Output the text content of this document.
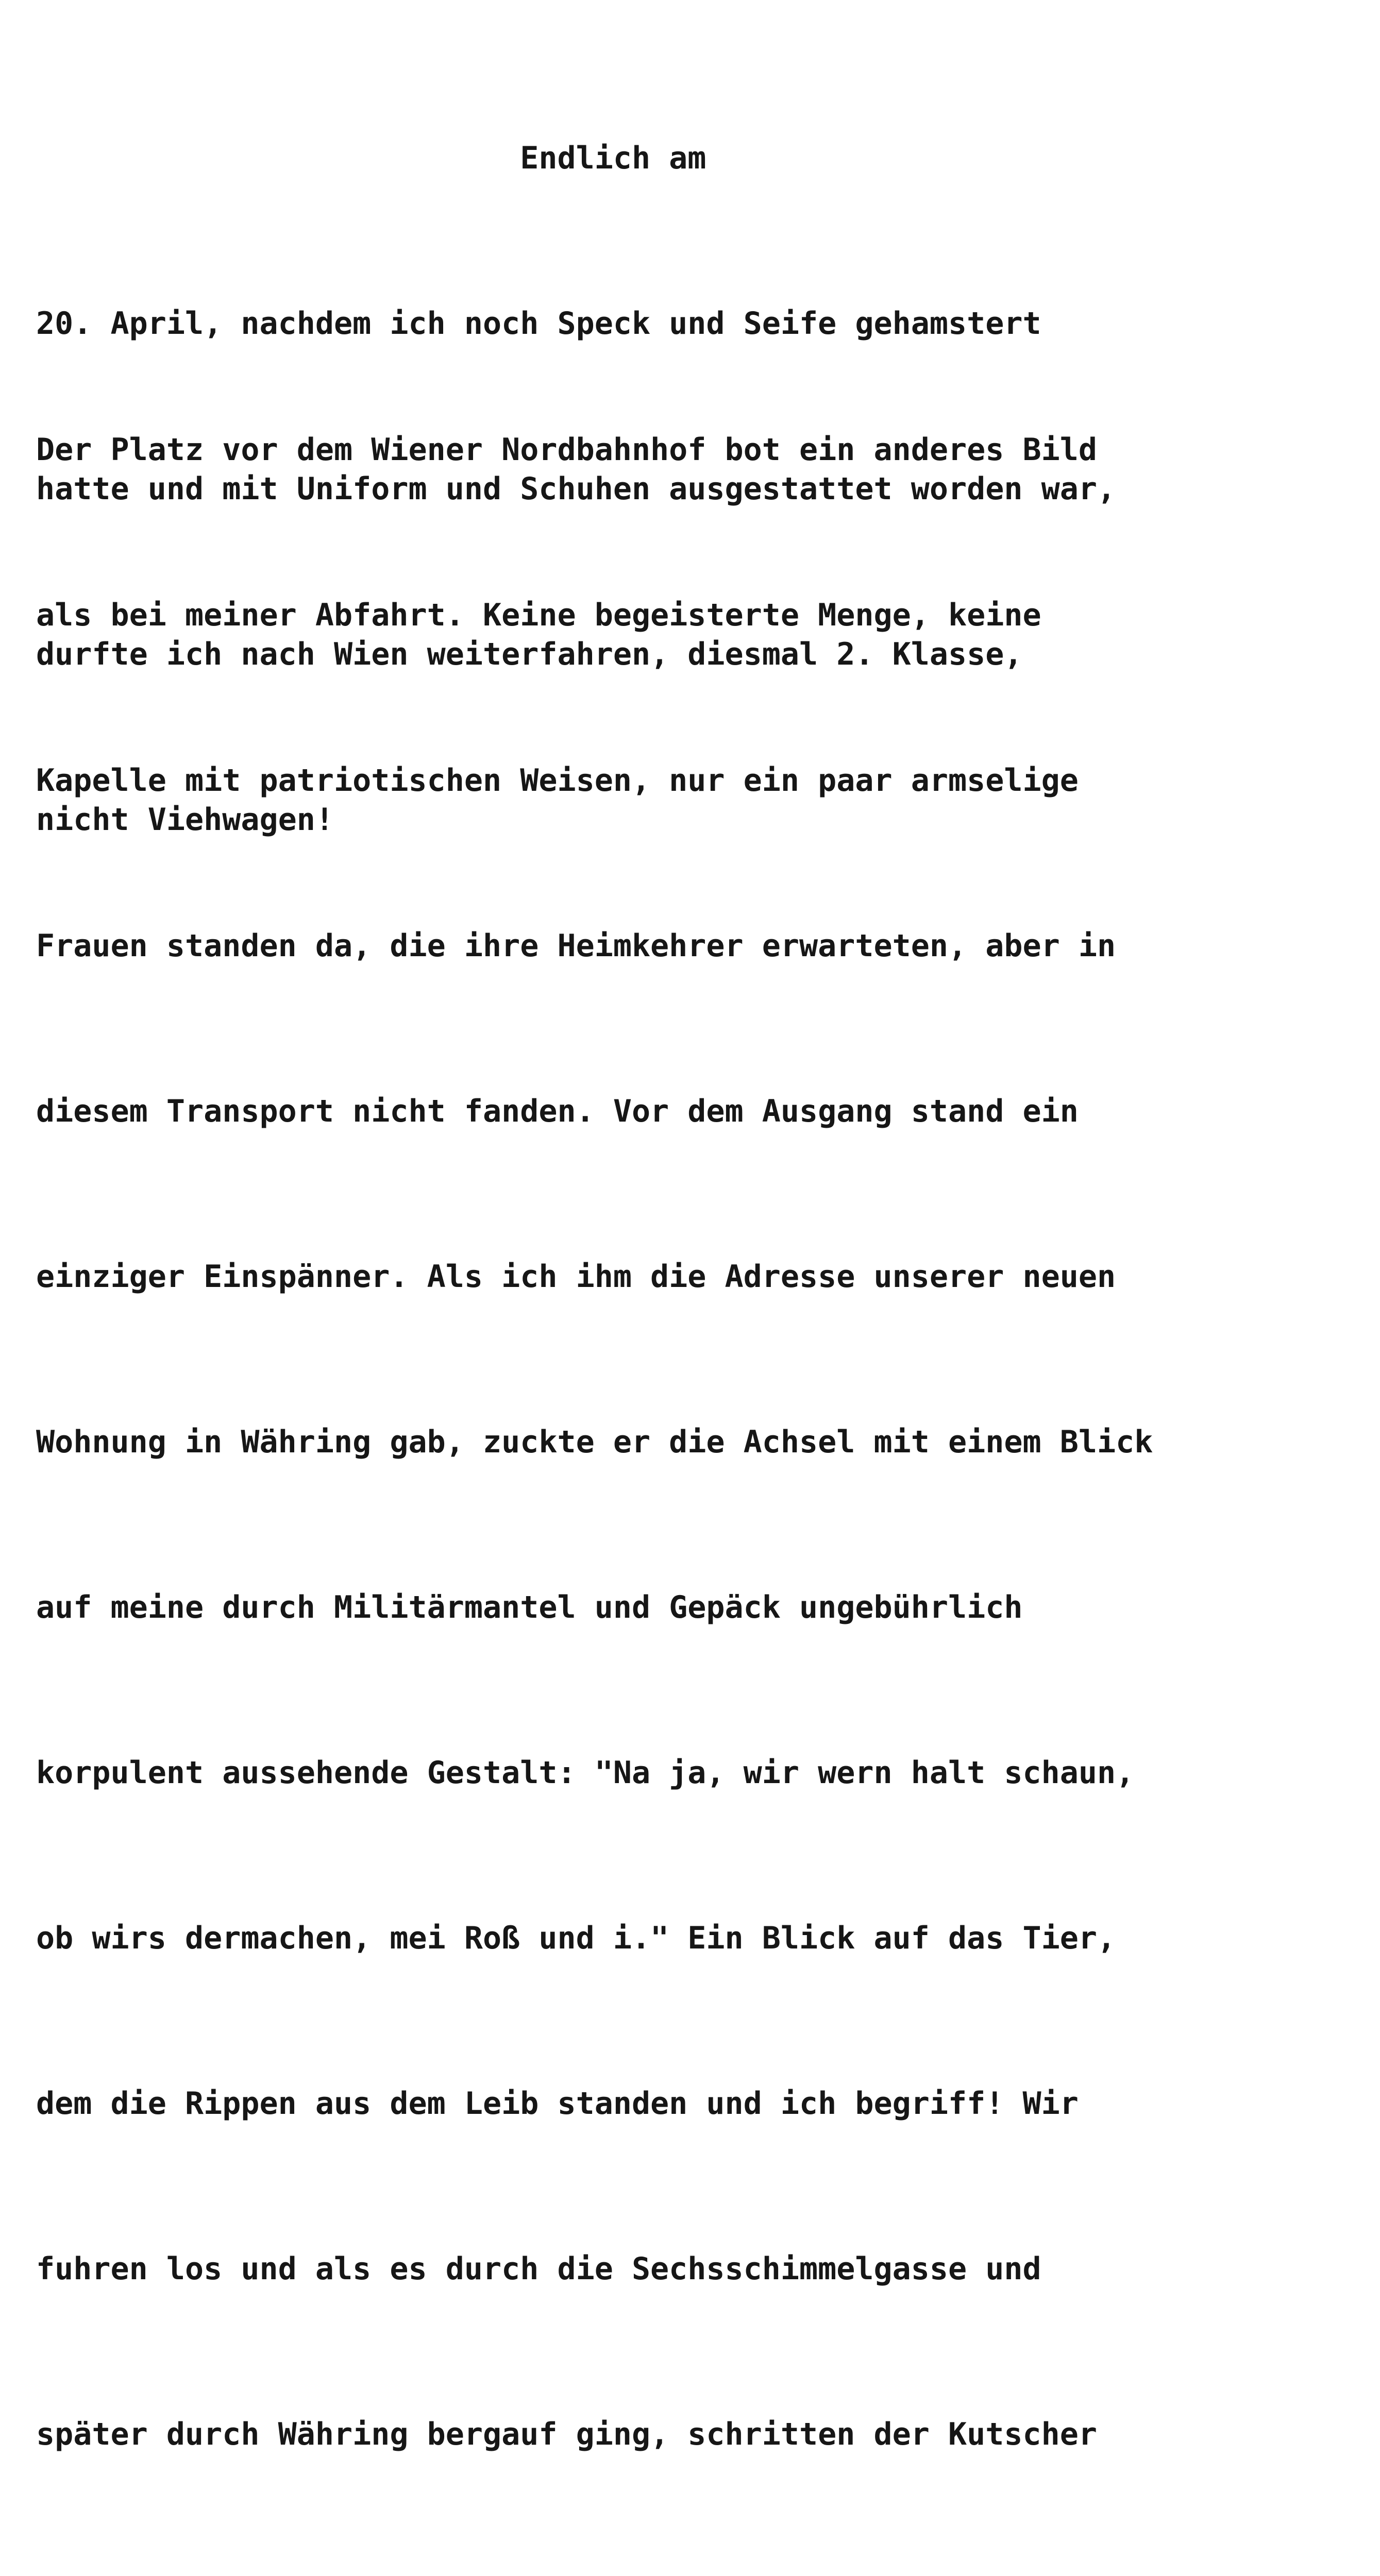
Endlich am

20. April, nachdem ich noch Speck und Seife gehamstert

hatte und mit Uniform und Schuhen ausgestattet worden war,

durfte ich nach Wien weiterfahren, diesmal 2. Klasse,

nicht Viehwagen!

Der Platz vor dem Wiener Nordbahnhof bot ein anderes Bild

als bei meiner Abfahrt. Keine begeisterte Menge, keine

Kapelle mit patriotischen Weisen, nur ein paar armselige

Frauen standen da, die ihre Heimkehrer erwarteten, aber in

diesem Transport nicht fanden. Vor dem Ausgang stand ein

einziger Einspänner. Als ich ihm die Adresse unserer neuen

Wohnung in Währing gab, zuckte er die Achsel mit einem Blick

auf meine durch Militärmantel und Gepäck ungebührlich

korpulent aussehende Gestalt: "Na ja, wir wern halt schaun,

ob wirs dermachen, mei Roß und i." Ein Blick auf das Tier,

dem die Rippen aus dem Leib standen und ich begriff! Wir

fuhren los und als es durch die Sechsschimmelgasse und

später durch Währing bergauf ging, schritten der Kutscher
